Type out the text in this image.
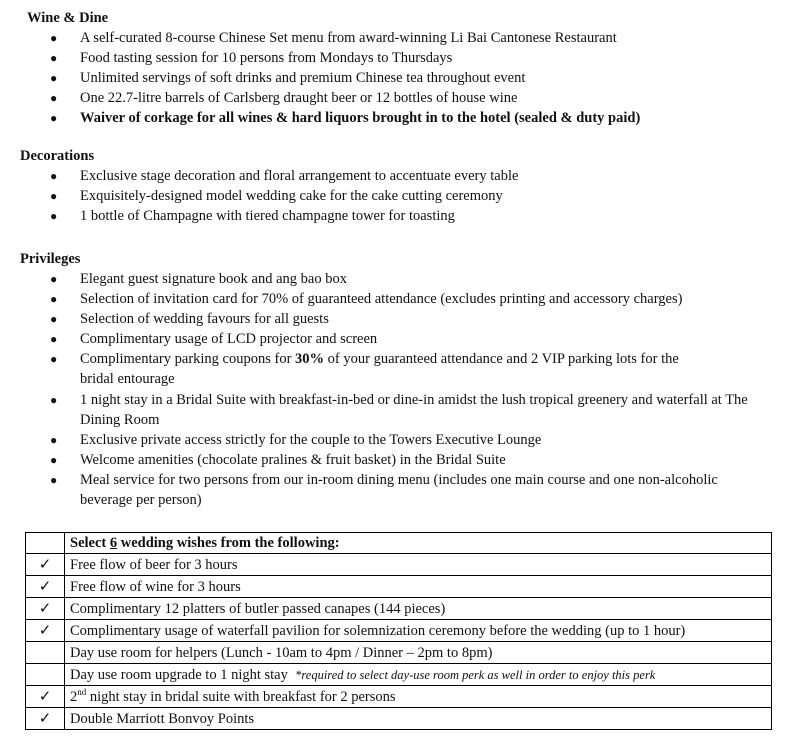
Wine & Dine
●	A self-curated 8-course Chinese Set menu from award-winning Li Bai Cantonese Restaurant
●	Food tasting session for 10 persons from Mondays to Thursdays
●	Unlimited servings of soft drinks and premium Chinese tea throughout event
●	One 22.7-litre barrels of Carlsberg draught beer or 12 bottles of house wine
●	Waiver of corkage for all wines & hard liquors brought in to the hotel (sealed & duty paid)
Decorations
●	Exclusive stage decoration and floral arrangement to accentuate every table
●	Exquisitely-designed model wedding cake for the cake cutting ceremony
●	1 bottle of Champagne with tiered champagne tower for toasting
Privileges
●	Elegant guest signature book and ang bao box
●	Selection of invitation card for 70% of guaranteed attendance (excludes printing and accessory charges)
●	Selection of wedding favours for all guests
●	Complimentary usage of LCD projector and screen
●	Complimentary parking coupons for 30% of your guaranteed attendance and 2 VIP parking lots for the
bridal entourage
●	1 night stay in a Bridal Suite with breakfast-in-bed or dine-in amidst the lush tropical greenery and waterfall at The Dining Room
●	Exclusive private access strictly for the couple to the Towers Executive Lounge
●	Welcome amenities (chocolate pralines & fruit basket) in the Bridal Suite
●	Meal service for two persons from our in-room dining menu (includes one main course and one non-alcoholic beverage per person)
	Select 6 wedding wishes from the following:
✓	Free flow of beer for 3 hours
✓	Free flow of wine for 3 hours
✓	Complimentary 12 platters of butler passed canapes (144 pieces)
✓	Complimentary usage of waterfall pavilion for solemnization ceremony before the wedding (up to 1 hour)
	Day use room for helpers (Lunch - 10am to 4pm / Dinner – 2pm to 8pm)
	Day use room upgrade to 1 night stay *required to select day-use room perk as well in order to enjoy this perk
✓	2nd night stay in bridal suite with breakfast for 2 persons
✓	Double Marriott Bonvoy Points
